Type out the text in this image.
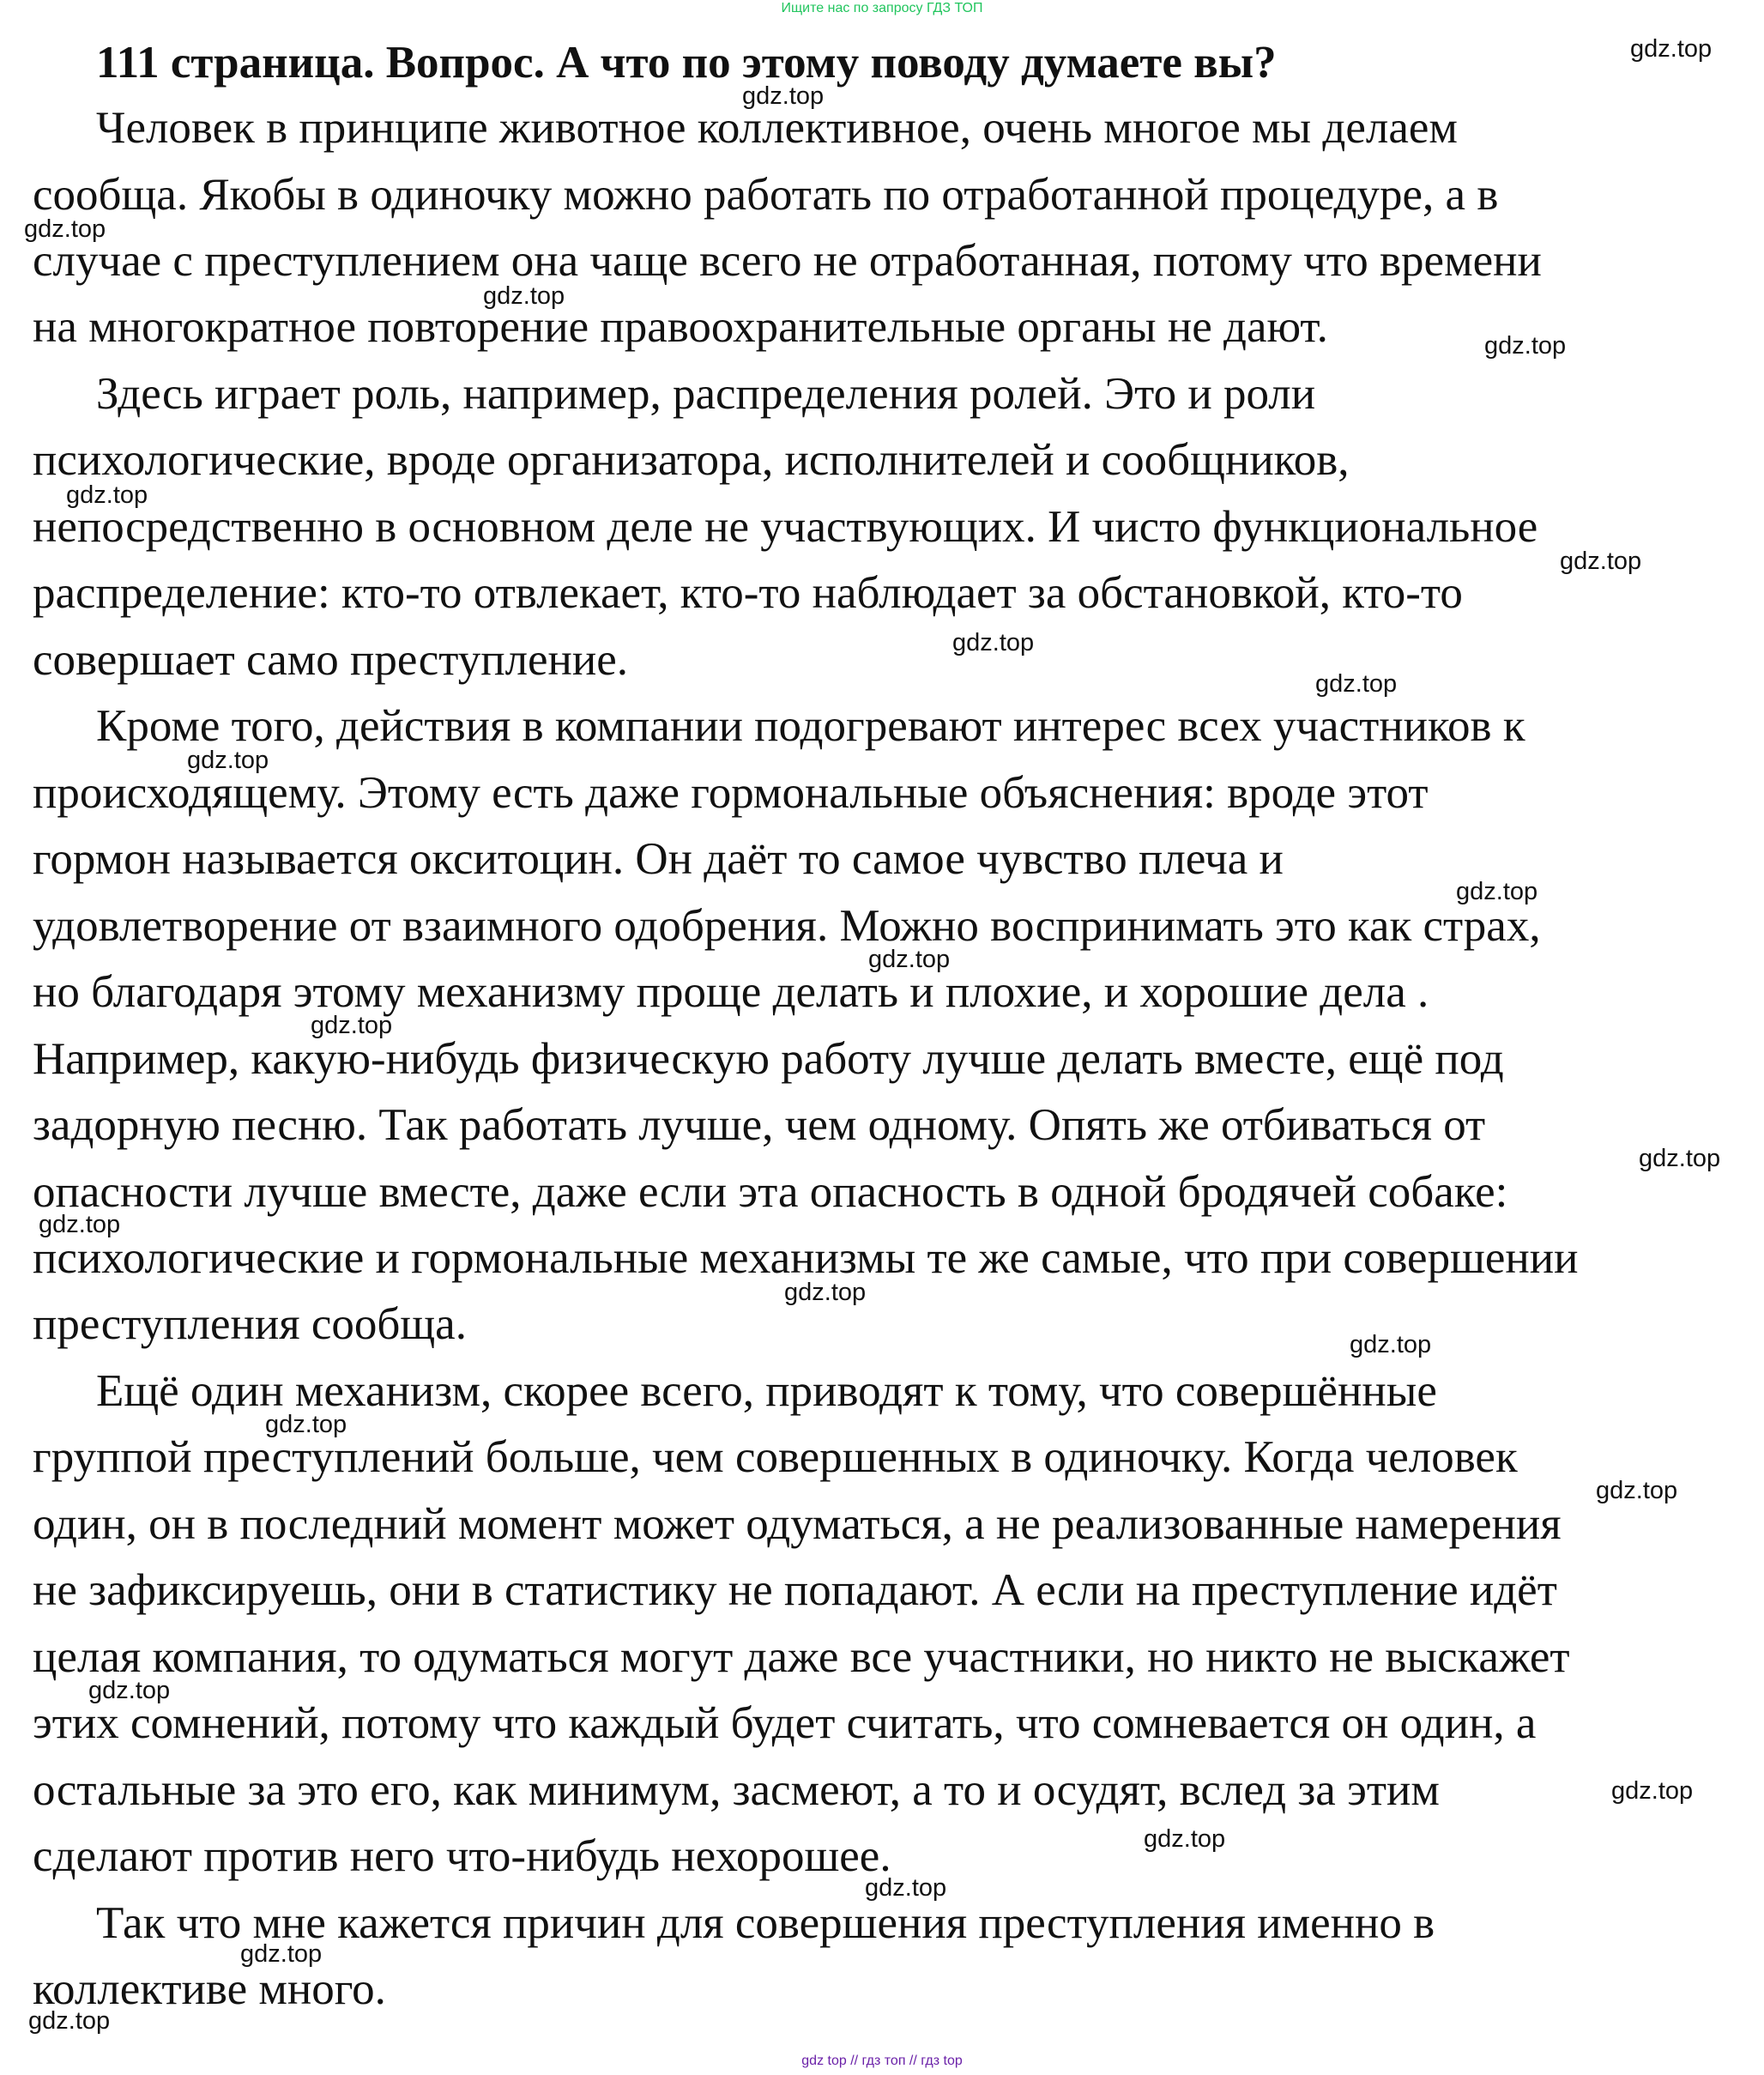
Ищите нас по запросу ГДЗ ТОП
111 страница. Вопрос. А что по этому поводу думаете вы?
Человек в принципе животное коллективное, очень многое мы делаем
сообща. Якобы в одиночку можно работать по отработанной процедуре, а в
случае с преступлением она чаще всего не отработанная, потому что времени
на многократное повторение правоохранительные органы не дают.
Здесь играет роль, например, распределения ролей. Это и роли
психологические, вроде организатора, исполнителей и сообщников,
непосредственно в основном деле не участвующих. И чисто функциональное
распределение: кто-то отвлекает, кто-то наблюдает за обстановкой, кто-то
совершает само преступление.
Кроме того, действия в компании подогревают интерес всех участников к
происходящему. Этому есть даже гормональные объяснения: вроде этот
гормон называется окситоцин. Он даёт то самое чувство плеча и
удовлетворение от взаимного одобрения. Можно воспринимать это как страх,
но благодаря этому механизму проще делать и плохие, и хорошие дела .
Например, какую-нибудь физическую работу лучше делать вместе, ещё под
задорную песню. Так работать лучше, чем одному. Опять же отбиваться от
опасности лучше вместе, даже если эта опасность в одной бродячей собаке:
психологические и гормональные механизмы те же самые, что при совершении
преступления сообща.
Ещё один механизм, скорее всего, приводят к тому, что совершённые
группой преступлений больше, чем совершенных в одиночку. Когда человек
один, он в последний момент может одуматься, а не реализованные намерения
не зафиксируешь, они в статистику не попадают. А если на преступление идёт
целая компания, то одуматься могут даже все участники, но никто не выскажет
этих сомнений, потому что каждый будет считать, что сомневается он один, а
остальные за это его, как минимум, засмеют, а то и осудят, вслед за этим
сделают против него что-нибудь нехорошее.
Так что мне кажется причин для совершения преступления именно в
коллективе много.
gdz.top
gdz.top
gdz.top
gdz.top
gdz.top
gdz.top
gdz.top
gdz.top
gdz.top
gdz.top
gdz.top
gdz.top
gdz.top
gdz.top
gdz.top
gdz.top
gdz.top
gdz.top
gdz.top
gdz.top
gdz.top
gdz.top
gdz.top
gdz.top
gdz.top
gdz top // гдз топ // гдз top
